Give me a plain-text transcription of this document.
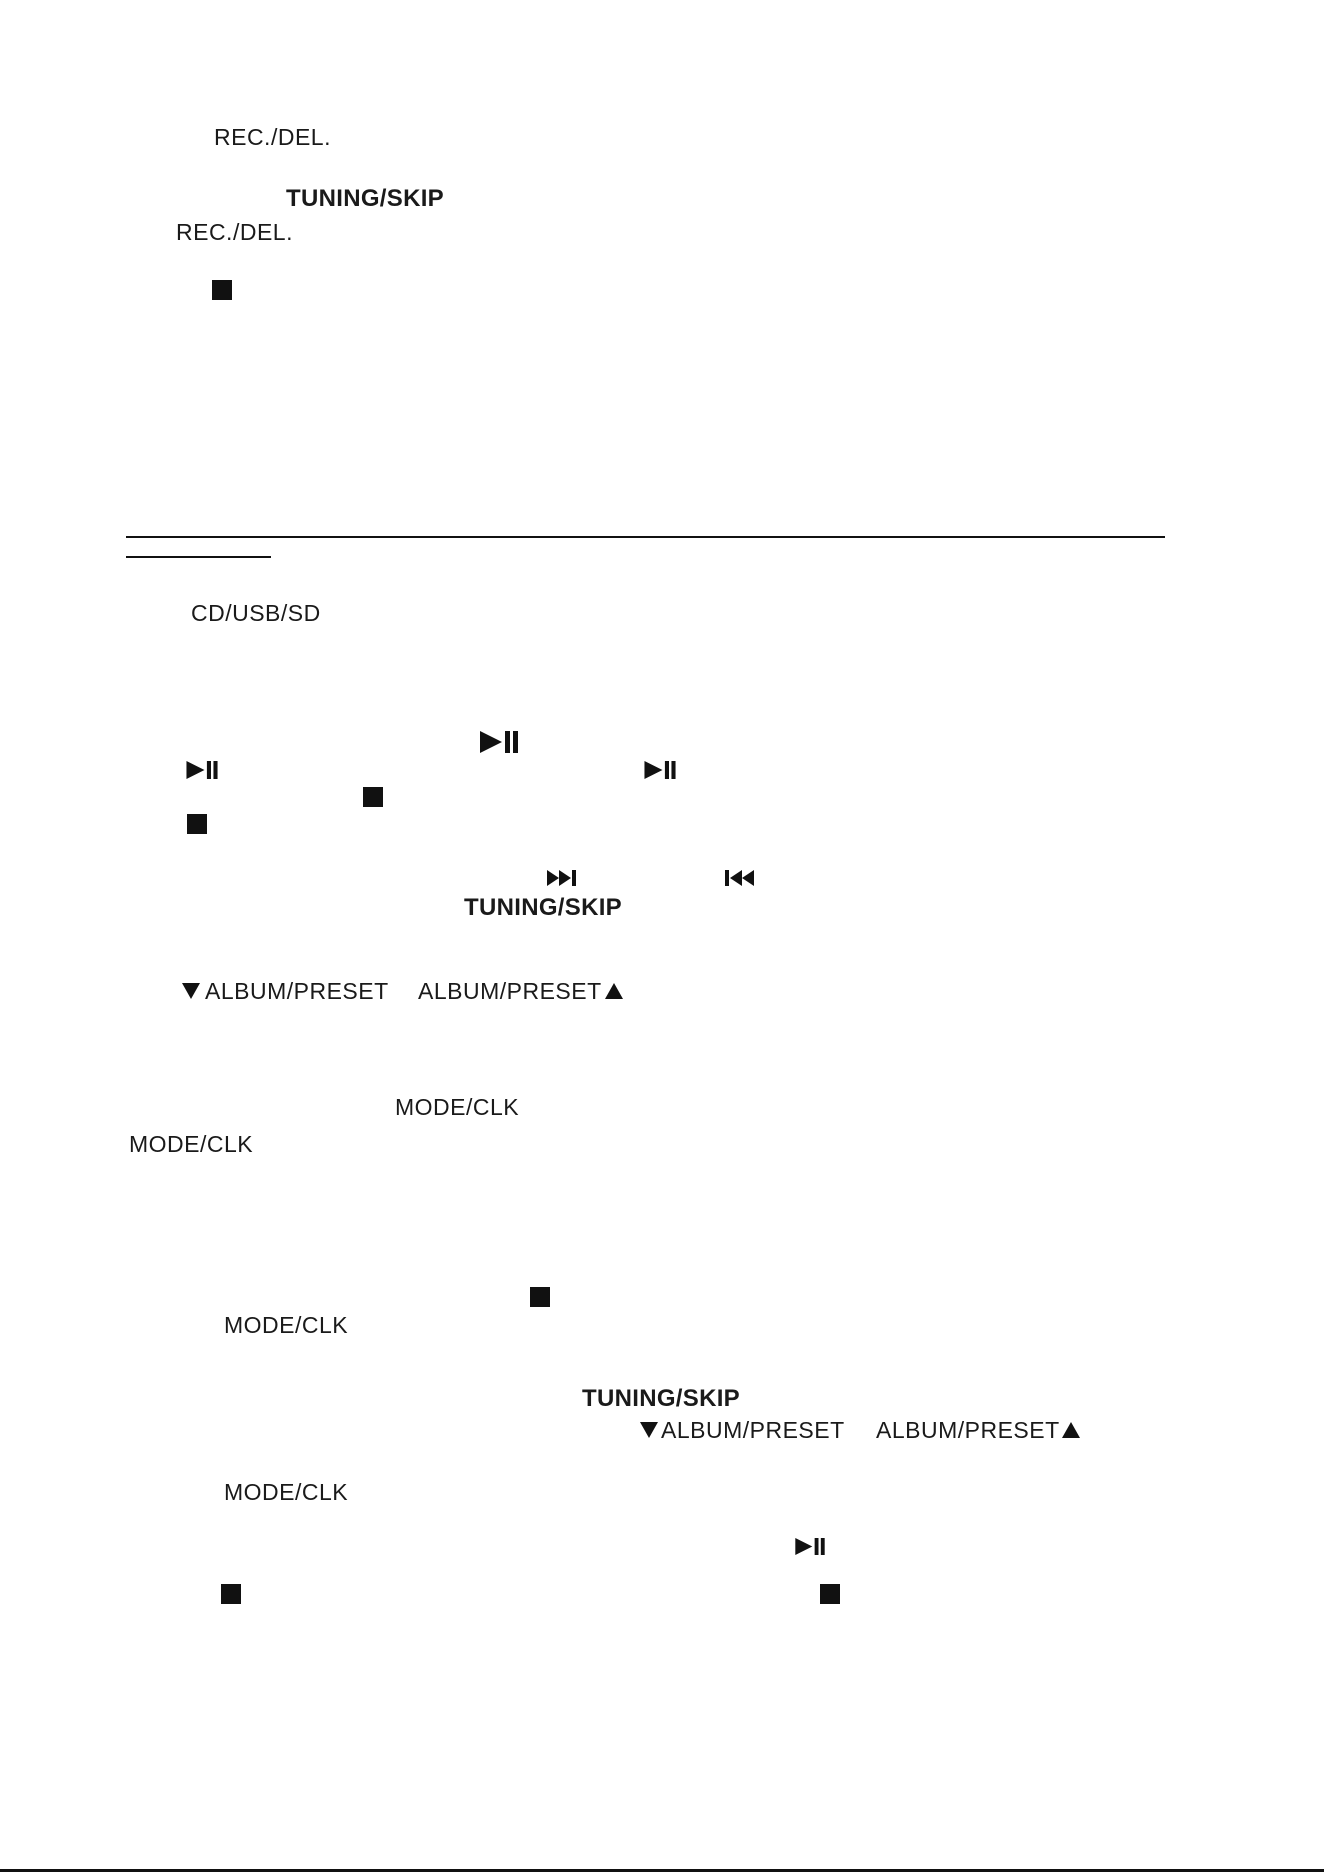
REC./DEL.
TUNING/SKIP
REC./DEL.
CD/USB/SD
TUNING/SKIP
ALBUM/PRESET ALBUM/PRESET
MODE/CLK
MODE/CLK
MODE/CLK
TUNING/SKIP
ALBUM/PRESET ALBUM/PRESET
MODE/CLK
